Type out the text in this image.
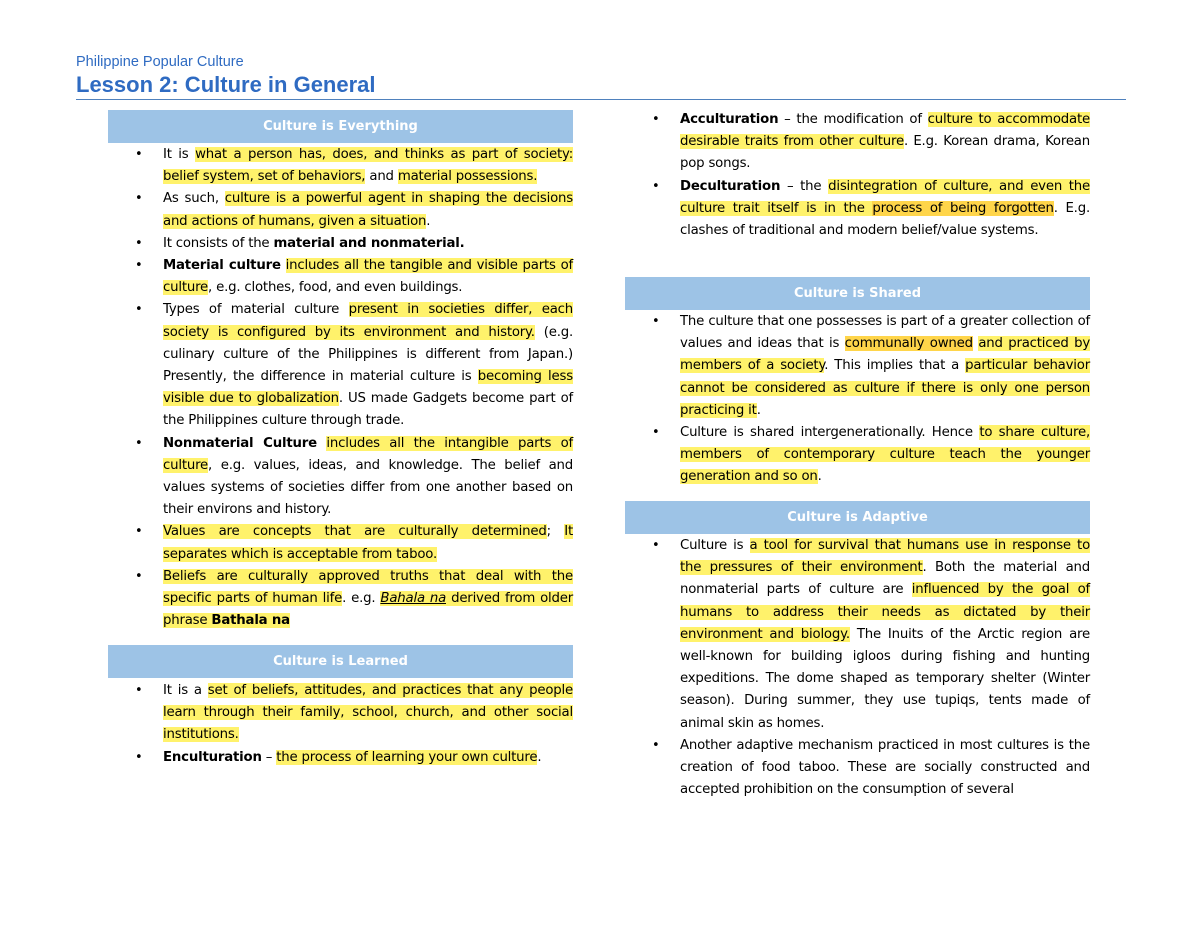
Philippine Popular Culture
Lesson 2: Culture in General
Culture is Everything
• It is what a person has, does, and thinks as part of society: belief system, set of behaviors, and material possessions.
• As such, culture is a powerful agent in shaping the decisions and actions of humans, given a situation.
• It consists of the material and nonmaterial.
• Material culture includes all the tangible and visible parts of culture, e.g. clothes, food, and even buildings.
• Types of material culture present in societies differ, each society is configured by its environment and history. (e.g. culinary culture of the Philippines is different from Japan.) Presently, the difference in material culture is becoming less visible due to globalization. US made Gadgets become part of the Philippines culture through trade.
• Nonmaterial Culture includes all the intangible parts of culture, e.g. values, ideas, and knowledge. The belief and values systems of societies differ from one another based on their environs and history.
• Values are concepts that are culturally determined; It separates which is acceptable from taboo.
• Beliefs are culturally approved truths that deal with the specific parts of human life. e.g. Bahala na derived from older phrase Bathala na
Culture is Learned
• It is a set of beliefs, attitudes, and practices that any people learn through their family, school, church, and other social institutions.
• Enculturation – the process of learning your own culture.
• Acculturation – the modification of culture to accommodate desirable traits from other culture. E.g. Korean drama, Korean pop songs.
• Deculturation – the disintegration of culture, and even the culture trait itself is in the process of being forgotten. E.g. clashes of traditional and modern belief/value systems.
Culture is Shared
• The culture that one possesses is part of a greater collection of values and ideas that is communally owned and practiced by members of a society. This implies that a particular behavior cannot be considered as culture if there is only one person practicing it.
• Culture is shared intergenerationally. Hence to share culture, members of contemporary culture teach the younger generation and so on.
Culture is Adaptive
• Culture is a tool for survival that humans use in response to the pressures of their environment. Both the material and nonmaterial parts of culture are influenced by the goal of humans to address their needs as dictated by their environment and biology. The Inuits of the Arctic region are well-known for building igloos during fishing and hunting expeditions. The dome shaped as temporary shelter (Winter season). During summer, they use tupiqs, tents made of animal skin as homes.
• Another adaptive mechanism practiced in most cultures is the creation of food taboo. These are socially constructed and accepted prohibition on the consumption of several
